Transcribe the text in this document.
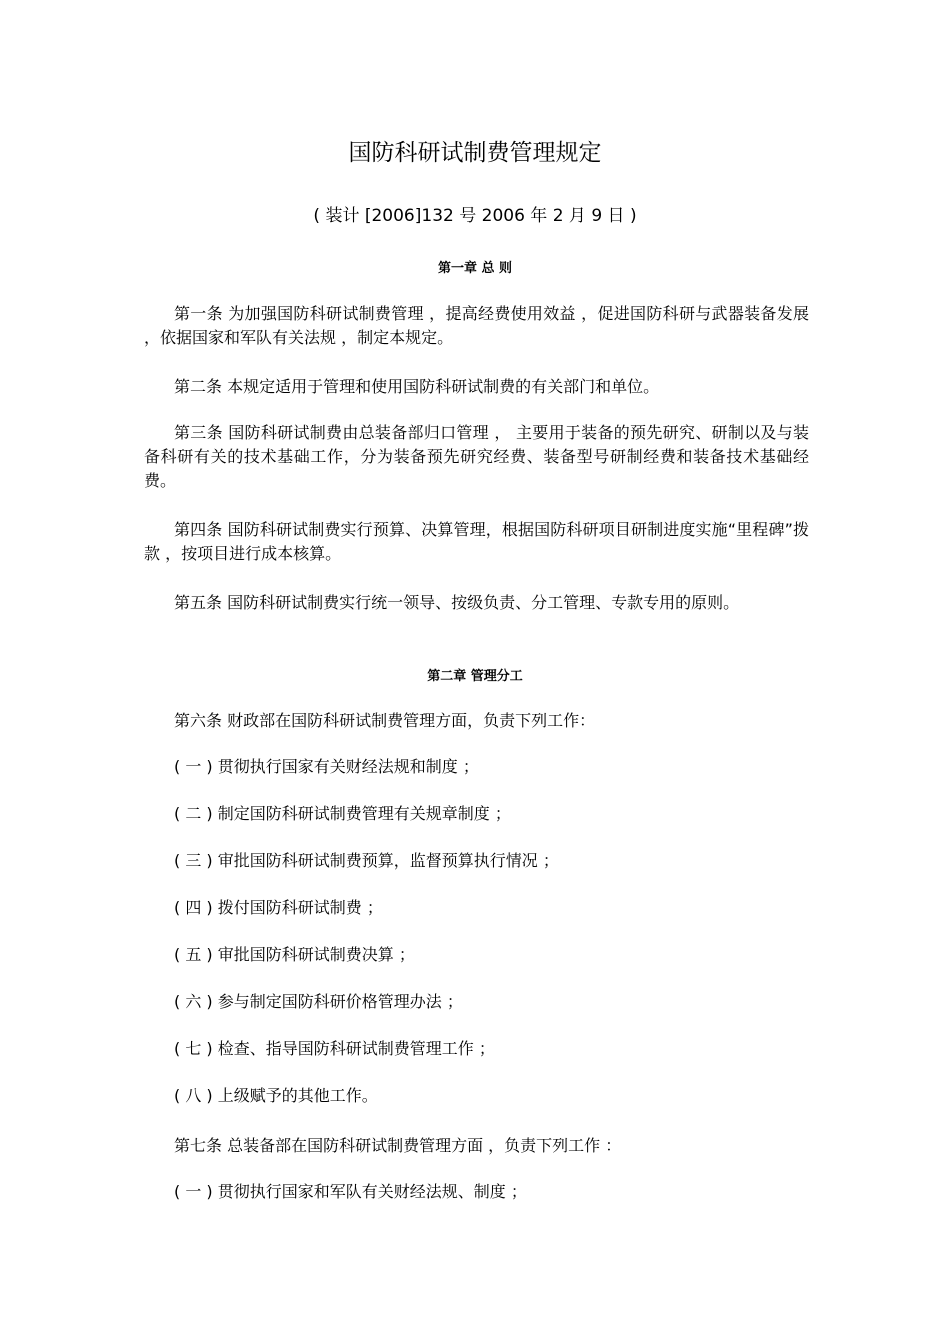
国防科研试制费管理规定
( 装计 [2006]132 号 2006 年 2 月 9 日 )
第一章 总 则
第一条 为加强国防科研试制费管理 ，提高经费使用效益 ，促进国防科研与武器装备发展 ，依据国家和军队有关法规 ，制定本规定。
第二条 本规定适用于管理和使用国防科研试制费的有关部门和单位。
第三条 国防科研试制费由总装备部归口管理 ， 主要用于装备的预先研究、研制以及与装备科研有关的技术基础工作，分为装备预先研究经费、装备型号研制经费和装备技术基础经费。
第四条 国防科研试制费实行预算、决算管理，根据国防科研项目研制进度实施“里程碑”拨款 ，按项目进行成本核算。
第五条 国防科研试制费实行统一领导、按级负责、分工管理、专款专用的原则。
第二章 管理分工
第六条 财政部在国防科研试制费管理方面，负责下列工作：
( 一 ) 贯彻执行国家有关财经法规和制度 ；
( 二 ) 制定国防科研试制费管理有关规章制度 ；
( 三 ) 审批国防科研试制费预算，监督预算执行情况 ；
( 四 ) 拨付国防科研试制费 ；
( 五 ) 审批国防科研试制费决算 ；
( 六 ) 参与制定国防科研价格管理办法 ；
( 七 ) 检查、指导国防科研试制费管理工作 ；
( 八 ) 上级赋予的其他工作。
第七条 总装备部在国防科研试制费管理方面 ，负责下列工作 ：
( 一 ) 贯彻执行国家和军队有关财经法规、制度 ；
